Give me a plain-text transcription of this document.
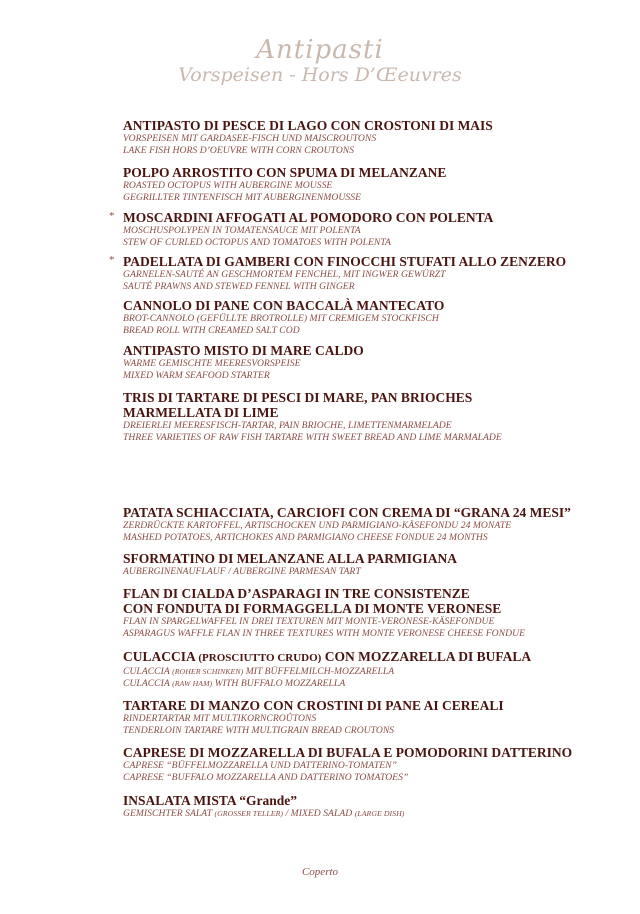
Antipasti
Vorspeisen - Hors D’Œeuvres
ANTIPASTO DI PESCE DI LAGO CON CROSTONI DI MAIS
VORSPEISEN MIT GARDASEE-FISCH UND MAISCROUTONS
LAKE FISH HORS D’OEUVRE WITH CORN CROUTONS
POLPO ARROSTITO CON SPUMA DI MELANZANE
ROASTED OCTOPUS WITH AUBERGINE MOUSSE
GEGRILLTER TINTENFISCH MIT AUBERGINENMOUSSE
* MOSCARDINI AFFOGATI AL POMODORO CON POLENTA
MOSCHUSPOLYPEN IN TOMATENSAUCE MIT POLENTA
STEW OF CURLED OCTOPUS AND TOMATOES WITH POLENTA
* PADELLATA DI GAMBERI CON FINOCCHI STUFATI ALLO ZENZERO
GARNELEN-SAUTÉ AN GESCHMORTEM FENCHEL, MIT INGWER GEWÜRZT
SAUTÉ PRAWNS AND STEWED FENNEL WITH GINGER
CANNOLO DI PANE CON BACCALÀ MANTECATO
BROT-CANNOLO (GEFÜLLTE BROTROLLE) MIT CREMIGEM STOCKFISCH
BREAD ROLL WITH CREAMED SALT COD
ANTIPASTO MISTO DI MARE CALDO
WARME GEMISCHTE MEERESVORSPEISE
MIXED WARM SEAFOOD STARTER
TRIS DI TARTARE DI PESCI DI MARE, PAN BRIOCHES
MARMELLATA DI LIME
DREIERLEI MEERESFISCH-TARTAR, PAIN BRIOCHE, LIMETTENMARMELADE
THREE VARIETIES OF RAW FISH TARTARE WITH SWEET BREAD AND LIME MARMALADE
PATATA SCHIACCIATA, CARCIOFI CON CREMA DI “GRANA 24 MESI”
ZERDRÜCKTE KARTOFFEL, ARTISCHOCKEN UND PARMIGIANO-KÄSEFONDU 24 MONATE
MASHED POTATOES, ARTICHOKES AND PARMIGIANO CHEESE FONDUE 24 MONTHS
SFORMATINO DI MELANZANE ALLA PARMIGIANA
AUBERGINENAUFLAUF / AUBERGINE PARMESAN TART
FLAN DI CIALDA D’ASPARAGI IN TRE CONSISTENZE
CON FONDUTA DI FORMAGGELLA DI MONTE VERONESE
FLAN IN SPARGELWAFFEL IN DREI TEXTUREN MIT MONTE-VERONESE-KÄSEFONDUE
ASPARAGUS WAFFLE FLAN IN THREE TEXTURES WITH MONTE VERONESE CHEESE FONDUE
CULACCIA (PROSCIUTTO CRUDO) CON MOZZARELLA DI BUFALA
CULACCIA (ROHER SCHINKEN) MIT BÜFFELMILCH-MOZZARELLA
CULACCIA (RAW HAM) WITH BUFFALO MOZZARELLA
TARTARE DI MANZO CON CROSTINI DI PANE AI CEREALI
RINDERTARTAR MIT MULTIKORNCROÛTONS
TENDERLOIN TARTARE WITH MULTIGRAIN BREAD CROUTONS
CAPRESE DI MOZZARELLA DI BUFALA E POMODORINI DATTERINO
CAPRESE “BÜFFELMOZZARELLA UND DATTERINO-TOMATEN”
CAPRESE “BUFFALO MOZZARELLA AND DATTERINO TOMATOES”
INSALATA MISTA “Grande”
GEMISCHTER SALAT (GROSSER TELLER) / MIXED SALAD (LARGE DISH)
Coperto
